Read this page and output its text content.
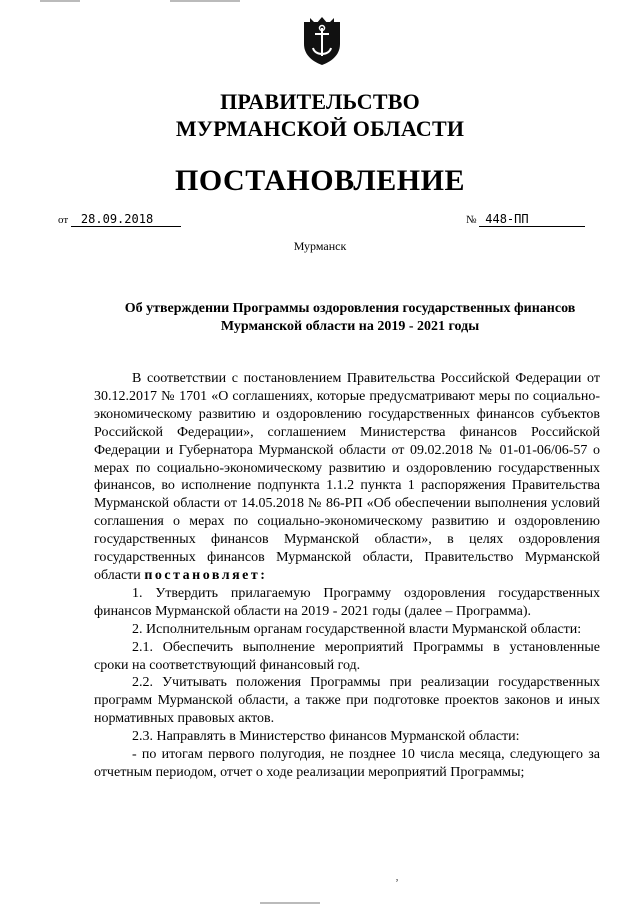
ПРАВИТЕЛЬСТВО
МУРМАНСКОЙ ОБЛАСТИ
ПОСТАНОВЛЕНИЕ
от 28.09.2018	№ 448-ПП
Мурманск
Об утверждении Программы оздоровления государственных финансов
Мурманской области на 2019 - 2021 годы

В соответствии с постановлением Правительства Российской Федерации от 30.12.2017 № 1701 «О соглашениях, которые предусматривают меры по социально-экономическому развитию и оздоровлению государственных финансов субъектов Российской Федерации», соглашением Министерства финансов Российской Федерации и Губернатора Мурманской области от 09.02.2018 № 01-01-06/06-57 о мерах по социально-экономическому развитию и оздоровлению государственных финансов, во исполнение подпункта 1.1.2 пункта 1 распоряжения Правительства Мурманской области от 14.05.2018 № 86-РП «Об обеспечении выполнения условий соглашения о мерах по социально-экономическому развитию и оздоровлению государственных финансов Мурманской области», в целях оздоровления государственных финансов Мурманской области, Правительство Мурманской области постановляет:

1. Утвердить прилагаемую Программу оздоровления государственных финансов Мурманской области на 2019 - 2021 годы (далее – Программа).

2. Исполнительным органам государственной власти Мурманской области:

2.1. Обеспечить выполнение мероприятий Программы в установленные сроки на соответствующий финансовый год.

2.2. Учитывать положения Программы при реализации государственных программ Мурманской области, а также при подготовке проектов законов и иных нормативных правовых актов.

2.3. Направлять в Министерство финансов Мурманской области:

- по итогам первого полугодия, не позднее 10 числа месяца, следующего за отчетным периодом, отчет о ходе реализации мероприятий Программы;

ʼ
